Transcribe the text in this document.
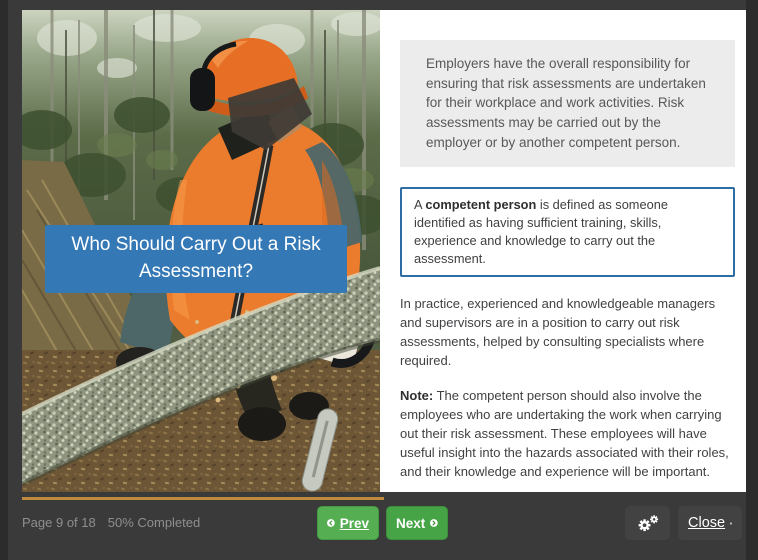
Who Should Carry Out a Risk Assessment?
Employers have the overall responsibility for ensuring that risk assessments are undertaken for their workplace and work activities. Risk assessments may be carried out by the employer or by another competent person.
A competent person is defined as someone identified as having sufficient training, skills, experience and knowledge to carry out the assessment.
In practice, experienced and knowledgeable managers and supervisors are in a position to carry out risk assessments, helped by consulting specialists where required.
Note: The competent person should also involve the employees who are undertaking the work when carrying out their risk assessment. These employees will have useful insight into the hazards associated with their roles, and their knowledge and experience will be important.
Page 9 of 18 50% Completed	Prev Next	Close
